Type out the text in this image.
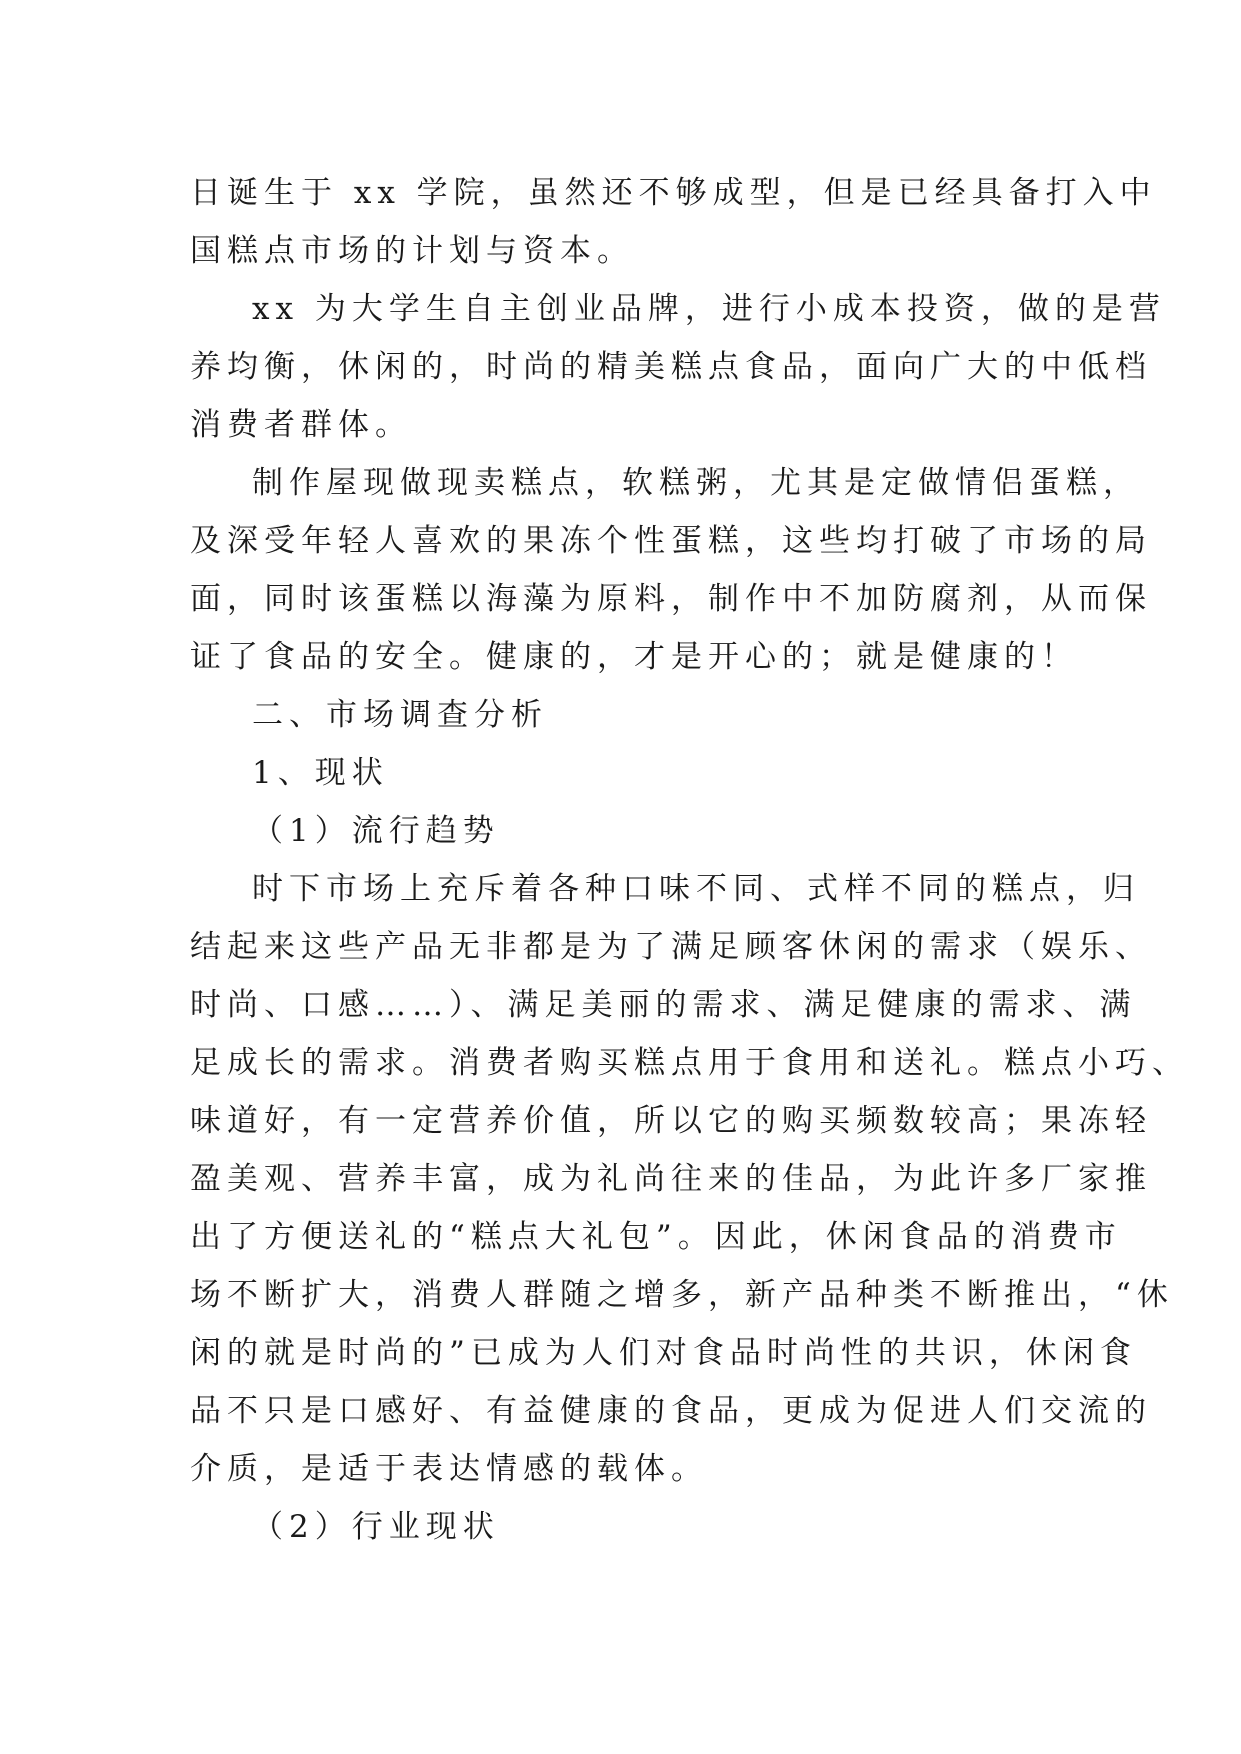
日诞生于 xx 学院，虽然还不够成型，但是已经具备打入中
国糕点市场的计划与资本。
xx 为大学生自主创业品牌，进行小成本投资，做的是营
养均衡，休闲的，时尚的精美糕点食品，面向广大的中低档
消费者群体。
制作屋现做现卖糕点，软糕粥，尤其是定做情侣蛋糕，
及深受年轻人喜欢的果冻个性蛋糕，这些均打破了市场的局
面，同时该蛋糕以海藻为原料，制作中不加防腐剂，从而保
证了食品的安全。健康的，才是开心的；就是健康的！
二、市场调查分析
1、现状
（1）流行趋势
时下市场上充斥着各种口味不同、式样不同的糕点，归
结起来这些产品无非都是为了满足顾客休闲的需求（娱乐、
时尚、口感……）、满足美丽的需求、满足健康的需求、满
足成长的需求。消费者购买糕点用于食用和送礼。糕点小巧、
味道好，有一定营养价值，所以它的购买频数较高；果冻轻
盈美观、营养丰富，成为礼尚往来的佳品，为此许多厂家推
出了方便送礼的“糕点大礼包”。因此，休闲食品的消费市
场不断扩大，消费人群随之增多，新产品种类不断推出，“休
闲的就是时尚的”已成为人们对食品时尚性的共识，休闲食
品不只是口感好、有益健康的食品，更成为促进人们交流的
介质，是适于表达情感的载体。
（2）行业现状
